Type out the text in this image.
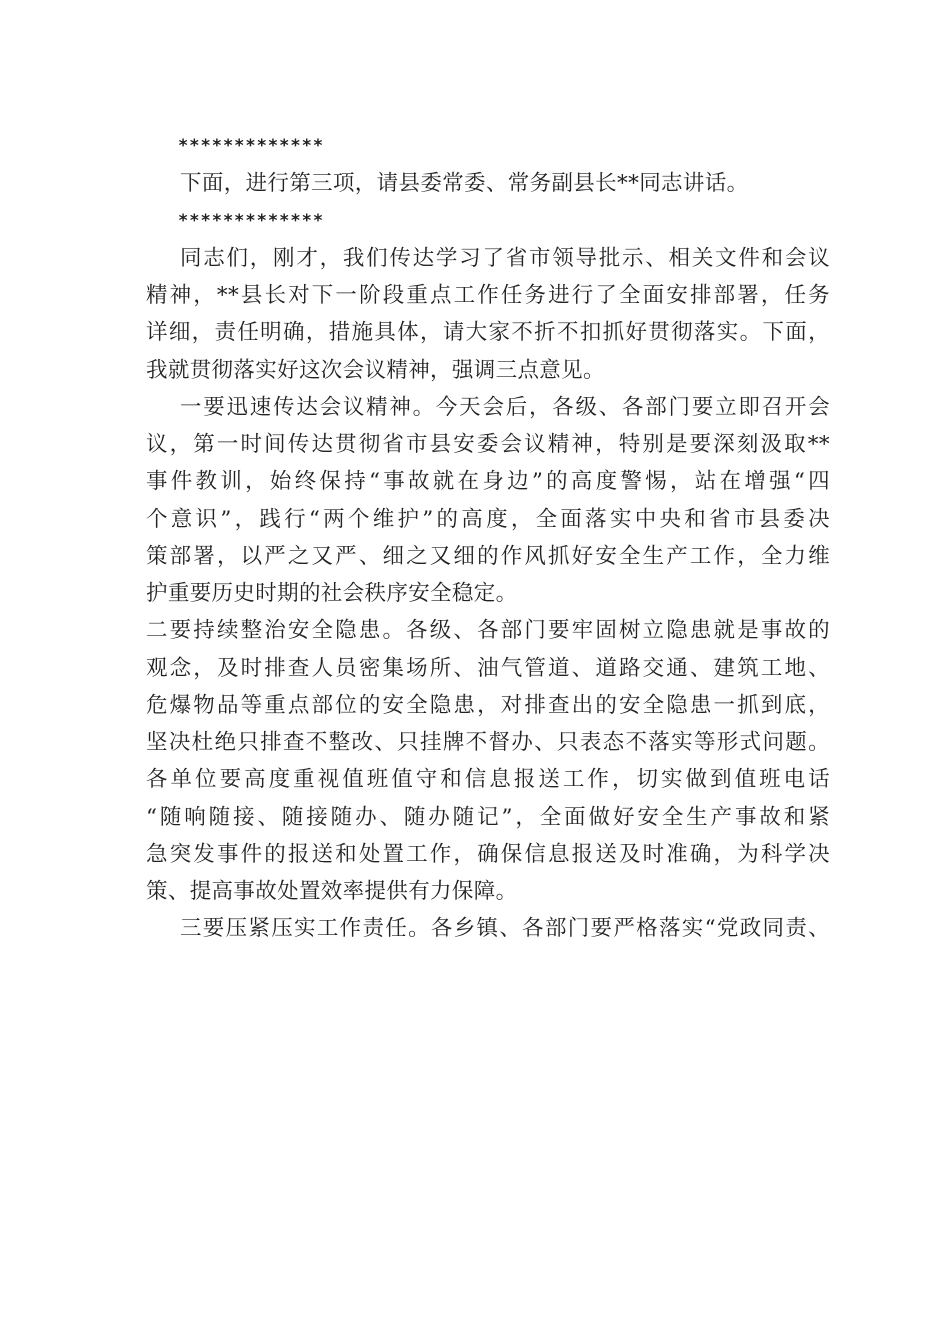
*************
下面，进行第三项，请县委常委、常务副县长**同志讲话。
*************
同志们，刚才，我们传达学习了省市领导批示、相关文件和会议
精神，**县长对下一阶段重点工作任务进行了全面安排部署，任务
详细，责任明确，措施具体，请大家不折不扣抓好贯彻落实。下面，
我就贯彻落实好这次会议精神，强调三点意见。
一要迅速传达会议精神。今天会后，各级、各部门要立即召开会
议，第一时间传达贯彻省市县安委会议精神，特别是要深刻汲取**
事件教训，始终保持“事故就在身边”的高度警惕，站在增强“四
个意识”，践行“两个维护”的高度，全面落实中央和省市县委决
策部署，以严之又严、细之又细的作风抓好安全生产工作，全力维
护重要历史时期的社会秩序安全稳定。
二要持续整治安全隐患。各级、各部门要牢固树立隐患就是事故的
观念，及时排查人员密集场所、油气管道、道路交通、建筑工地、
危爆物品等重点部位的安全隐患，对排查出的安全隐患一抓到底，
坚决杜绝只排查不整改、只挂牌不督办、只表态不落实等形式问题。
各单位要高度重视值班值守和信息报送工作，切实做到值班电话
“随响随接、随接随办、随办随记”，全面做好安全生产事故和紧
急突发事件的报送和处置工作，确保信息报送及时准确，为科学决
策、提高事故处置效率提供有力保障。
三要压紧压实工作责任。各乡镇、各部门要严格落实“党政同责、
